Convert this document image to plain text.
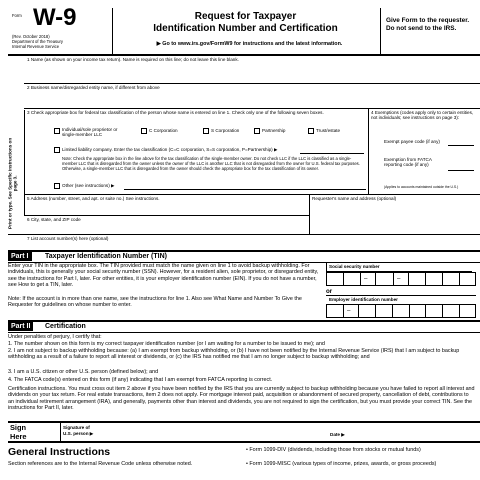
Form W-9
(Rev. October 2018)
Department of the Treasury
Internal Revenue Service
Request for Taxpayer
Identification Number and Certification
▶ Go to www.irs.gov/FormW9 for instructions and the latest information.
Give Form to the requester. Do not send to the IRS.
Print or type. See Specific Instructions on page 3.
1 Name (as shown on your income tax return). Name is required on this line; do not leave this line blank.
2 Business name/disregarded entity name, if different from above
3 Check appropriate box for federal tax classification of the person whose name is entered on line 1. Check only one of the following seven boxes.
Individual/sole proprietor or single-member LLC
C Corporation	S Corporation	Partnership	Trust/estate
Limited liability company. Enter the tax classification (C=C corporation, S=S corporation, P=Partnership) ▶
Note: Check the appropriate box in the line above for the tax classification of the single-member owner. Do not check LLC if the LLC is classified as a single-member LLC that is disregarded from the owner unless the owner of the LLC is another LLC that is not disregarded from the owner for U.S. federal tax purposes. Otherwise, a single-member LLC that is disregarded from the owner should check the appropriate box for the tax classification of its owner.
Other (see instructions) ▶
4 Exemptions (codes apply only to certain entities, not individuals; see instructions on page 3):
Exempt payee code (if any)
Exemption from FATCA reporting code (if any)
(Applies to accounts maintained outside the U.S.)
5 Address (number, street, and apt. or suite no.) See instructions.	Requester's name and address (optional)
6 City, state, and ZIP code
7 List account number(s) here (optional)
Part I	Taxpayer Identification Number (TIN)
Enter your TIN in the appropriate box. The TIN provided must match the name given on line 1 to avoid backup withholding. For individuals, this is generally your social security number (SSN). However, for a resident alien, sole proprietor, or disregarded entity, see the instructions for Part I, later. For other entities, it is your employer identification number (EIN). If you do not have a number, see How to get a TIN, later.
Note: If the account is in more than one name, see the instructions for line 1. Also see What Name and Number To Give the Requester for guidelines on whose number to enter.
Social security number
–	–
or
Employer identification number
–
Part II	Certification
Under penalties of perjury, I certify that:
1. The number shown on this form is my correct taxpayer identification number (or I am waiting for a number to be issued to me); and
2. I am not subject to backup withholding because: (a) I am exempt from backup withholding, or (b) I have not been notified by the Internal Revenue Service (IRS) that I am subject to backup withholding as a result of a failure to report all interest or dividends, or (c) the IRS has notified me that I am no longer subject to backup withholding; and
3. I am a U.S. citizen or other U.S. person (defined below); and
4. The FATCA code(s) entered on this form (if any) indicating that I am exempt from FATCA reporting is correct.
Certification instructions. You must cross out item 2 above if you have been notified by the IRS that you are currently subject to backup withholding because you have failed to report all interest and dividends on your tax return. For real estate transactions, item 2 does not apply. For mortgage interest paid, acquisition or abandonment of secured property, cancellation of debt, contributions to an individual retirement arrangement (IRA), and generally, payments other than interest and dividends, you are not required to sign the certification, but you must provide your correct TIN. See the instructions for Part II, later.
Sign Here
Signature of
U.S. person ▶	Date ▶
General Instructions
Section references are to the Internal Revenue Code unless otherwise noted.
• Form 1099-DIV (dividends, including those from stocks or mutual funds)
• Form 1099-MISC (various types of income, prizes, awards, or gross proceeds)
